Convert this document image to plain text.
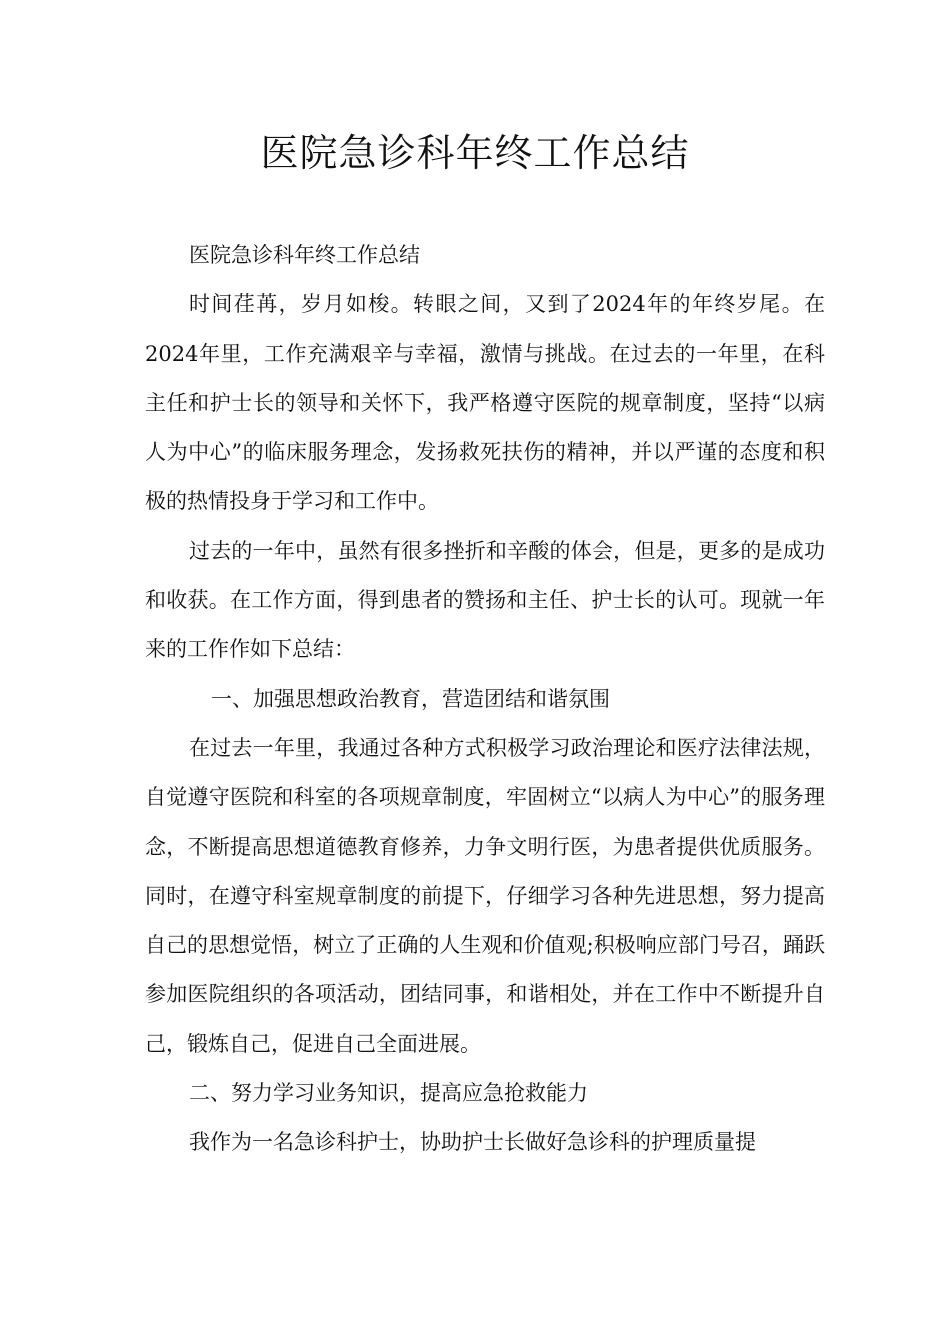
医院急诊科年终工作总结

医院急诊科年终工作总结

时间荏苒，岁月如梭。转眼之间，又到了2024年的年终岁尾。在2024年里，工作充满艰辛与幸福，激情与挑战。在过去的一年里，在科主任和护士长的领导和关怀下，我严格遵守医院的规章制度，坚持“以病人为中心”的临床服务理念，发扬救死扶伤的精神，并以严谨的态度和积极的热情投身于学习和工作中。

过去的一年中，虽然有很多挫折和辛酸的体会，但是，更多的是成功和收获。在工作方面，得到患者的赞扬和主任、护士长的认可。现就一年来的工作作如下总结：

一、加强思想政治教育，营造团结和谐氛围

在过去一年里，我通过各种方式积极学习政治理论和医疗法律法规，自觉遵守医院和科室的各项规章制度，牢固树立“以病人为中心”的服务理念，不断提高思想道德教育修养，力争文明行医，为患者提供优质服务。同时，在遵守科室规章制度的前提下，仔细学习各种先进思想，努力提高自己的思想觉悟，树立了正确的人生观和价值观;积极响应部门号召，踊跃参加医院组织的各项活动，团结同事，和谐相处，并在工作中不断提升自己，锻炼自己，促进自己全面进展。

二、努力学习业务知识，提高应急抢救能力

我作为一名急诊科护士，协助护士长做好急诊科的护理质量提
